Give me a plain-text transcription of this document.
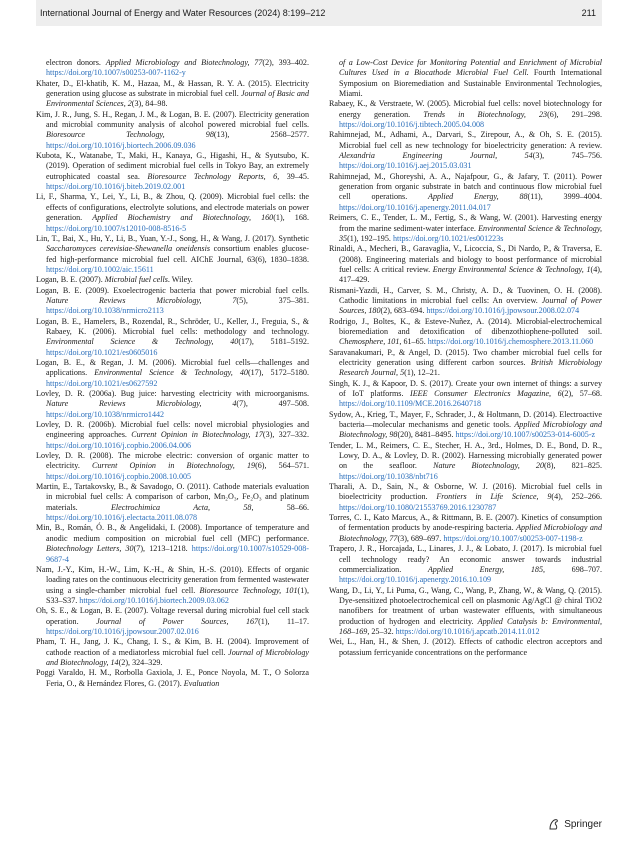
International Journal of Energy and Water Resources (2024) 8:199–212	211

electron donors. Applied Microbiology and Biotechnology, 77(2), 393–402. https://doi.org/10.1007/s00253-007-1162-y

Khater, D., El-khatib, K. M., Hazaa, M., & Hassan, R. Y. A. (2015). Electricity generation using glucose as substrate in microbial fuel cell. Journal of Basic and Environmental Sciences, 2(3), 84–98.

Kim, J. R., Jung, S. H., Regan, J. M., & Logan, B. E. (2007). Electricity generation and microbial community analysis of alcohol powered microbial fuel cells. Bioresource Technology, 98(13), 2568–2577. https://doi.org/10.1016/j.biortech.2006.09.036

Kubota, K., Watanabe, T., Maki, H., Kanaya, G., Higashi, H., & Syutsubo, K. (2019). Operation of sediment microbial fuel cells in Tokyo Bay, an extremely eutrophicated coastal sea. Bioresource Technology Reports, 6, 39–45. https://doi.org/10.1016/j.biteb.2019.02.001

Li, F., Sharma, Y., Lei, Y., Li, B., & Zhou, Q. (2009). Microbial fuel cells: the effects of configurations, electrolyte solutions, and electrode materials on power generation. Applied Biochemistry and Biotechnology, 160(1), 168. https://doi.org/10.1007/s12010-008-8516-5

Lin, T., Bai, X., Hu, Y., Li, B., Yuan, Y.-J., Song, H., & Wang, J. (2017). Synthetic Saccharomyces cerevisiae-Shewanella oneidensis consortium enables glucose-fed high-performance microbial fuel cell. AIChE Journal, 63(6), 1830–1838. https://doi.org/10.1002/aic.15611

Logan, B. E. (2007). Microbial fuel cells. Wiley.

Logan, B. E. (2009). Exoelectrogenic bacteria that power microbial fuel cells. Nature Reviews Microbiology, 7(5), 375–381. https://doi.org/10.1038/nrmicro2113

Logan, B. E., Hamelers, B., Rozendal, R., Schröder, U., Keller, J., Freguia, S., & Rabaey, K. (2006). Microbial fuel cells: methodology and technology. Environmental Science & Technology, 40(17), 5181–5192. https://doi.org/10.1021/es0605016

Logan, B. E., & Regan, J. M. (2006). Microbial fuel cells—challenges and applications. Environmental Science & Technology, 40(17), 5172–5180. https://doi.org/10.1021/es0627592

Lovley, D. R. (2006a). Bug juice: harvesting electricity with microorganisms. Nature Reviews Microbiology, 4(7), 497–508. https://doi.org/10.1038/nrmicro1442

Lovley, D. R. (2006b). Microbial fuel cells: novel microbial physiologies and engineering approaches. Current Opinion in Biotechnology, 17(3), 327–332. https://doi.org/10.1016/j.copbio.2006.04.006

Lovley, D. R. (2008). The microbe electric: conversion of organic matter to electricity. Current Opinion in Biotechnology, 19(6), 564–571. https://doi.org/10.1016/j.copbio.2008.10.005

Martin, E., Tartakovsky, B., & Savadogo, O. (2011). Cathode materials evaluation in microbial fuel cells: A comparison of carbon, Mn₂O₃, Fe₂O₃ and platinum materials. Electrochimica Acta, 58, 58–66. https://doi.org/10.1016/j.electacta.2011.08.078

Min, B., Román, Ó. B., & Angelidaki, I. (2008). Importance of temperature and anodic medium composition on microbial fuel cell (MFC) performance. Biotechnology Letters, 30(7), 1213–1218. https://doi.org/10.1007/s10529-008-9687-4

Nam, J.-Y., Kim, H.-W., Lim, K.-H., & Shin, H.-S. (2010). Effects of organic loading rates on the continuous electricity generation from fermented wastewater using a single-chamber microbial fuel cell. Bioresource Technology, 101(1), S33–S37. https://doi.org/10.1016/j.biortech.2009.03.062

Oh, S. E., & Logan, B. E. (2007). Voltage reversal during microbial fuel cell stack operation. Journal of Power Sources, 167(1), 11–17. https://doi.org/10.1016/j.jpowsour.2007.02.016

Pham, T. H., Jang, J. K., Chang, I. S., & Kim, B. H. (2004). Improvement of cathode reaction of a mediatorless microbial fuel cell. Journal of Microbiology and Biotechnology, 14(2), 324–329.

Poggi Varaldo, H. M., Rorbolla Gaxiola, J. E., Ponce Noyola, M. T., O Solorza Feria, O., & Hernández Flores, G. (2017). Evaluation

of a Low-Cost Device for Monitoring Potential and Enrichment of Microbial Cultures Used in a Biocathode Microbial Fuel Cell. Fourth International Symposium on Bioremediation and Sustainable Environmental Technologies, Miami.

Rabaey, K., & Verstraete, W. (2005). Microbial fuel cells: novel biotechnology for energy generation. Trends in Biotechnology, 23(6), 291–298. https://doi.org/10.1016/j.tibtech.2005.04.008

Rahimnejad, M., Adhami, A., Darvari, S., Zirepour, A., & Oh, S. E. (2015). Microbial fuel cell as new technology for bioelectricity generation: A review. Alexandria Engineering Journal, 54(3), 745–756. https://doi.org/10.1016/j.aej.2015.03.031

Rahimnejad, M., Ghoreyshi, A. A., Najafpour, G., & Jafary, T. (2011). Power generation from organic substrate in batch and continuous flow microbial fuel cell operations. Applied Energy, 88(11), 3999–4004. https://doi.org/10.1016/j.apenergy.2011.04.017

Reimers, C. E., Tender, L. M., Fertig, S., & Wang, W. (2001). Harvesting energy from the marine sediment-water interface. Environmental Science & Technology, 35(1), 192–195. https://doi.org/10.1021/es001223s

Rinaldi, A., Mecheri, B., Garavaglia, V., Licoccia, S., Di Nardo, P., & Traversa, E. (2008). Engineering materials and biology to boost performance of microbial fuel cells: A critical review. Energy Environmental Science & Technology, 1(4), 417–429.

Rismani-Yazdi, H., Carver, S. M., Christy, A. D., & Tuovinen, O. H. (2008). Cathodic limitations in microbial fuel cells: An overview. Journal of Power Sources, 180(2), 683–694. https://doi.org/10.1016/j.jpowsour.2008.02.074

Rodrigo, J., Boltes, K., & Esteve-Nuñez, A. (2014). Microbial-electrochemical bioremediation and detoxification of dibenzothiophene-polluted soil. Chemosphere, 101, 61–65. https://doi.org/10.1016/j.chemosphere.2013.11.060

Saravanakumari, P., & Angel, D. (2015). Two chamber microbial fuel cells for electricity generation using different carbon sources. British Microbiology Research Journal, 5(1), 12–21.

Singh, K. J., & Kapoor, D. S. (2017). Create your own internet of things: a survey of IoT platforms. IEEE Consumer Electronics Magazine, 6(2), 57–68. https://doi.org/10.1109/MCE.2016.2640718

Sydow, A., Krieg, T., Mayer, F., Schrader, J., & Holtmann, D. (2014). Electroactive bacteria—molecular mechanisms and genetic tools. Applied Microbiology and Biotechnology, 98(20), 8481–8495. https://doi.org/10.1007/s00253-014-6005-z

Tender, L. M., Reimers, C. E., Stecher, H. A., 3rd., Holmes, D. E., Bond, D. R., Lowy, D. A., & Lovley, D. R. (2002). Harnessing microbially generated power on the seafloor. Nature Biotechnology, 20(8), 821–825. https://doi.org/10.1038/nbt716

Tharali, A. D., Sain, N., & Osborne, W. J. (2016). Microbial fuel cells in bioelectricity production. Frontiers in Life Science, 9(4), 252–266. https://doi.org/10.1080/21553769.2016.1230787

Torres, C. I., Kato Marcus, A., & Rittmann, B. E. (2007). Kinetics of consumption of fermentation products by anode-respiring bacteria. Applied Microbiology and Biotechnology, 77(3), 689–697. https://doi.org/10.1007/s00253-007-1198-z

Trapero, J. R., Horcajada, L., Linares, J. J., & Lobato, J. (2017). Is microbial fuel cell technology ready? An economic answer towards industrial commercialization. Applied Energy, 185, 698–707. https://doi.org/10.1016/j.apenergy.2016.10.109

Wang, D., Li, Y., Li Puma, G., Wang, C., Wang, P., Zhang, W., & Wang, Q. (2015). Dye-sensitized photoelectrochemical cell on plasmonic Ag/AgCl @ chiral TiO2 nanofibers for treatment of urban wastewater effluents, with simultaneous production of hydrogen and electricity. Applied Catalysis b: Environmental, 168–169, 25–32. https://doi.org/10.1016/j.apcatb.2014.11.012

Wei, L., Han, H., & Shen, J. (2012). Effects of cathodic electron acceptors and potassium ferricyanide concentrations on the performance

Springer
